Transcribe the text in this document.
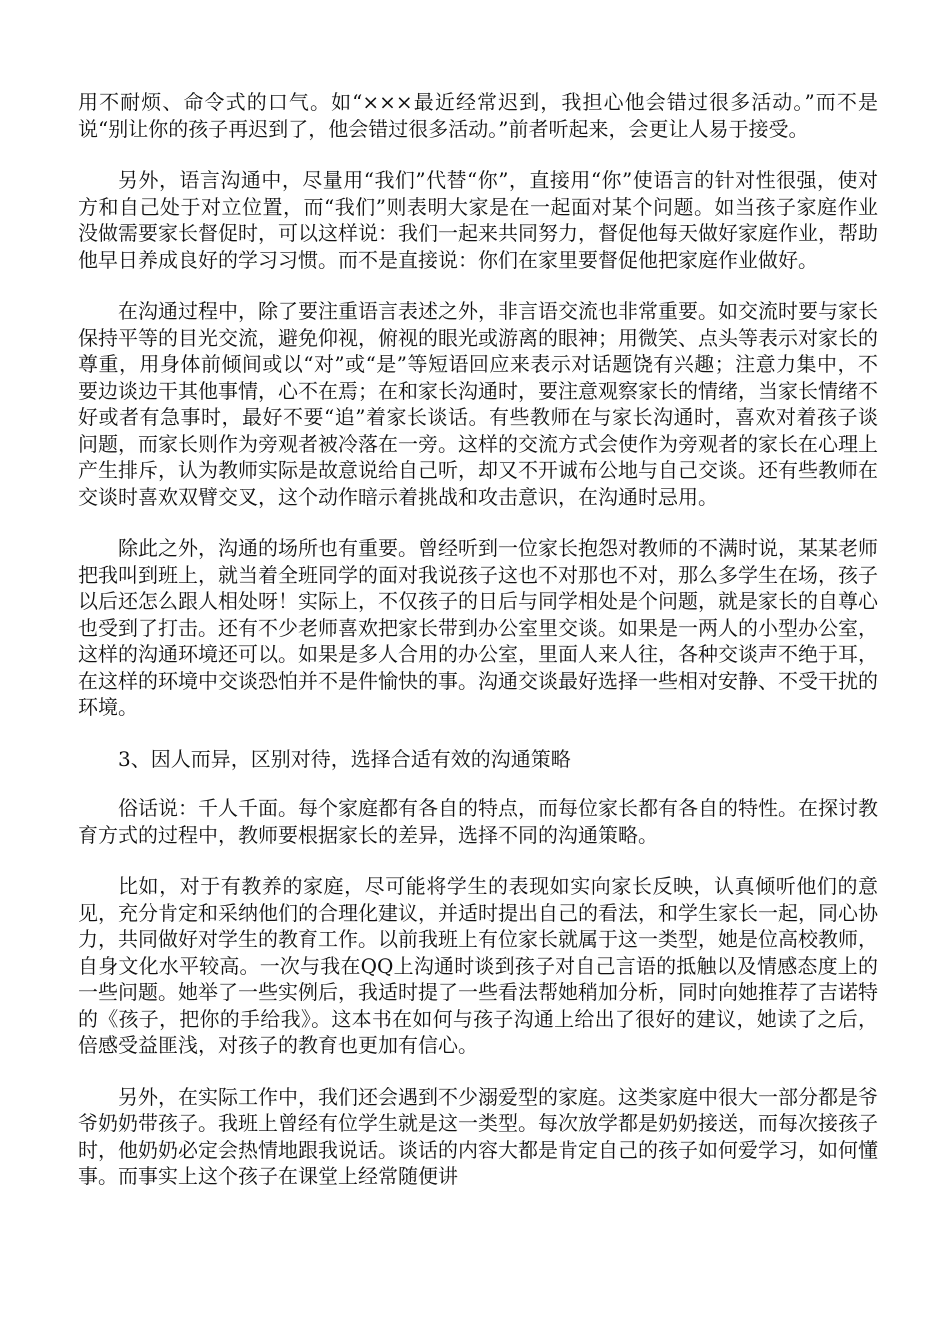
用不耐烦、命令式的口气。如“×××最近经常迟到，我担心他会错过很多活动。”而不是说“别让你的孩子再迟到了，他会错过很多活动。”前者听起来，会更让人易于接受。

另外，语言沟通中，尽量用“我们”代替“你”，直接用“你”使语言的针对性很强，使对方和自己处于对立位置，而“我们”则表明大家是在一起面对某个问题。如当孩子家庭作业没做需要家长督促时，可以这样说：我们一起来共同努力，督促他每天做好家庭作业，帮助他早日养成良好的学习习惯。而不是直接说：你们在家里要督促他把家庭作业做好。

在沟通过程中，除了要注重语言表述之外，非言语交流也非常重要。如交流时要与家长保持平等的目光交流，避免仰视，俯视的眼光或游离的眼神；用微笑、点头等表示对家长的尊重，用身体前倾间或以“对”或“是”等短语回应来表示对话题饶有兴趣；注意力集中，不要边谈边干其他事情，心不在焉；在和家长沟通时，要注意观察家长的情绪，当家长情绪不好或者有急事时，最好不要“追”着家长谈话。有些教师在与家长沟通时，喜欢对着孩子谈问题，而家长则作为旁观者被冷落在一旁。这样的交流方式会使作为旁观者的家长在心理上产生排斥，认为教师实际是故意说给自己听，却又不开诚布公地与自己交谈。还有些教师在交谈时喜欢双臂交叉，这个动作暗示着挑战和攻击意识，在沟通时忌用。

除此之外，沟通的场所也有重要。曾经听到一位家长抱怨对教师的不满时说，某某老师把我叫到班上，就当着全班同学的面对我说孩子这也不对那也不对，那么多学生在场，孩子以后还怎么跟人相处呀！实际上，不仅孩子的日后与同学相处是个问题，就是家长的自尊心也受到了打击。还有不少老师喜欢把家长带到办公室里交谈。如果是一两人的小型办公室，这样的沟通环境还可以。如果是多人合用的办公室，里面人来人往，各种交谈声不绝于耳，在这样的环境中交谈恐怕并不是件愉快的事。沟通交谈最好选择一些相对安静、不受干扰的环境。

3、因人而异，区别对待，选择合适有效的沟通策略

俗话说：千人千面。每个家庭都有各自的特点，而每位家长都有各自的特性。在探讨教育方式的过程中，教师要根据家长的差异，选择不同的沟通策略。

比如，对于有教养的家庭，尽可能将学生的表现如实向家长反映，认真倾听他们的意见，充分肯定和采纳他们的合理化建议，并适时提出自己的看法，和学生家长一起，同心协力，共同做好对学生的教育工作。以前我班上有位家长就属于这一类型，她是位高校教师，自身文化水平较高。一次与我在QQ上沟通时谈到孩子对自己言语的抵触以及情感态度上的一些问题。她举了一些实例后，我适时提了一些看法帮她稍加分析，同时向她推荐了吉诺特的《孩子，把你的手给我》。这本书在如何与孩子沟通上给出了很好的建议，她读了之后，倍感受益匪浅，对孩子的教育也更加有信心。

另外，在实际工作中，我们还会遇到不少溺爱型的家庭。这类家庭中很大一部分都是爷爷奶奶带孩子。我班上曾经有位学生就是这一类型。每次放学都是奶奶接送，而每次接孩子时，他奶奶必定会热情地跟我说话。谈话的内容大都是肯定自己的孩子如何爱学习，如何懂事。而事实上这个孩子在课堂上经常随便讲
